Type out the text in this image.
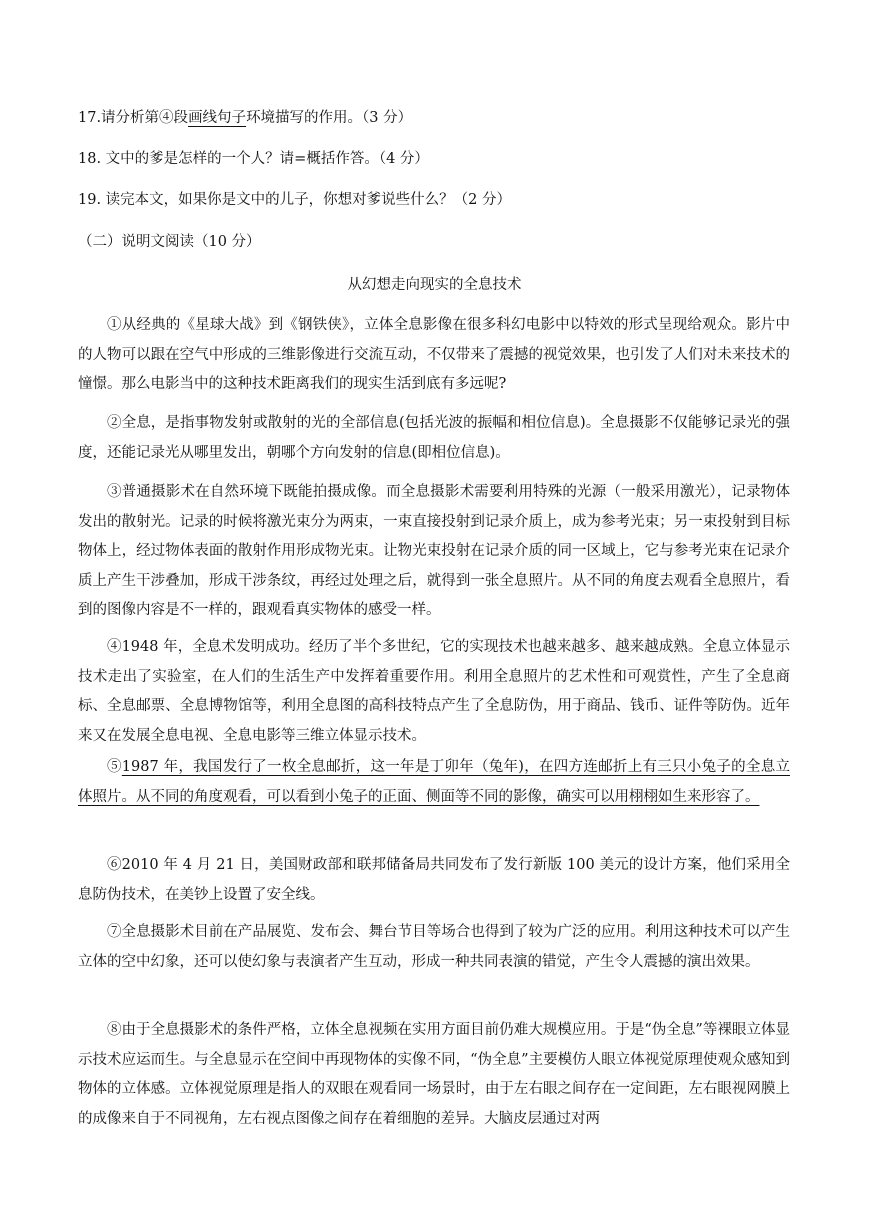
17.请分析第④段画线句子环境描写的作用。（3 分）
18. 文中的爹是怎样的一个人？请=概括作答。（4 分）
19. 读完本文，如果你是文中的儿子，你想对爹说些什么？（2 分）
（二）说明文阅读（10 分）
从幻想走向现实的全息技术

①从经典的《星球大战》到《钢铁侠》，立体全息影像在很多科幻电影中以特效的形式呈现给观众。影片中的人物可以跟在空气中形成的三维影像进行交流互动，不仅带来了震撼的视觉效果，也引发了人们对未来技术的憧憬。那么电影当中的这种技术距离我们的现实生活到底有多远呢?

②全息，是指事物发射或散射的光的全部信息(包括光波的振幅和相位信息)。全息摄影不仅能够记录光的强度，还能记录光从哪里发出，朝哪个方向发射的信息(即相位信息)。

③普通摄影术在自然环境下既能拍摄成像。而全息摄影术需要利用特殊的光源（一般采用激光），记录物体发出的散射光。记录的时候将激光束分为两束，一束直接投射到记录介质上，成为参考光束；另一束投射到目标物体上，经过物体表面的散射作用形成物光束。让物光束投射在记录介质的同一区域上，它与参考光束在记录介质上产生干涉叠加，形成干涉条纹，再经过处理之后，就得到一张全息照片。从不同的角度去观看全息照片，看到的图像内容是不一样的，跟观看真实物体的感受一样。

④1948 年，全息术发明成功。经历了半个多世纪，它的实现技术也越来越多、越来越成熟。全息立体显示技术走出了实验室，在人们的生活生产中发挥着重要作用。利用全息照片的艺术性和可观赏性，产生了全息商标、全息邮票、全息博物馆等，利用全息图的高科技特点产生了全息防伪，用于商品、钱币、证件等防伪。近年来又在发展全息电视、全息电影等三维立体显示技术。

⑤1987 年，我国发行了一枚全息邮折，这一年是丁卯年（兔年)，在四方连邮折上有三只小兔子的全息立体照片。从不同的角度观看，可以看到小兔子的正面、侧面等不同的影像，确实可以用栩栩如生来形容了。

⑥2010 年 4 月 21 日，美国财政部和联邦储备局共同发布了发行新版 100 美元的设计方案，他们采用全息防伪技术，在美钞上设置了安全线。

⑦全息摄影术目前在产品展览、发布会、舞台节目等场合也得到了较为广泛的应用。利用这种技术可以产生立体的空中幻象，还可以使幻象与表演者产生互动，形成一种共同表演的错觉，产生令人震撼的演出效果。

⑧由于全息摄影术的条件严格，立体全息视频在实用方面目前仍难大规模应用。于是“伪全息”等裸眼立体显示技术应运而生。与全息显示在空间中再现物体的实像不同，“伪全息”主要模仿人眼立体视觉原理使观众感知到物体的立体感。立体视觉原理是指人的双眼在观看同一场景时，由于左右眼之间存在一定间距，左右眼视网膜上的成像来自于不同视角，左右视点图像之间存在着细胞的差异。大脑皮层通过对两
